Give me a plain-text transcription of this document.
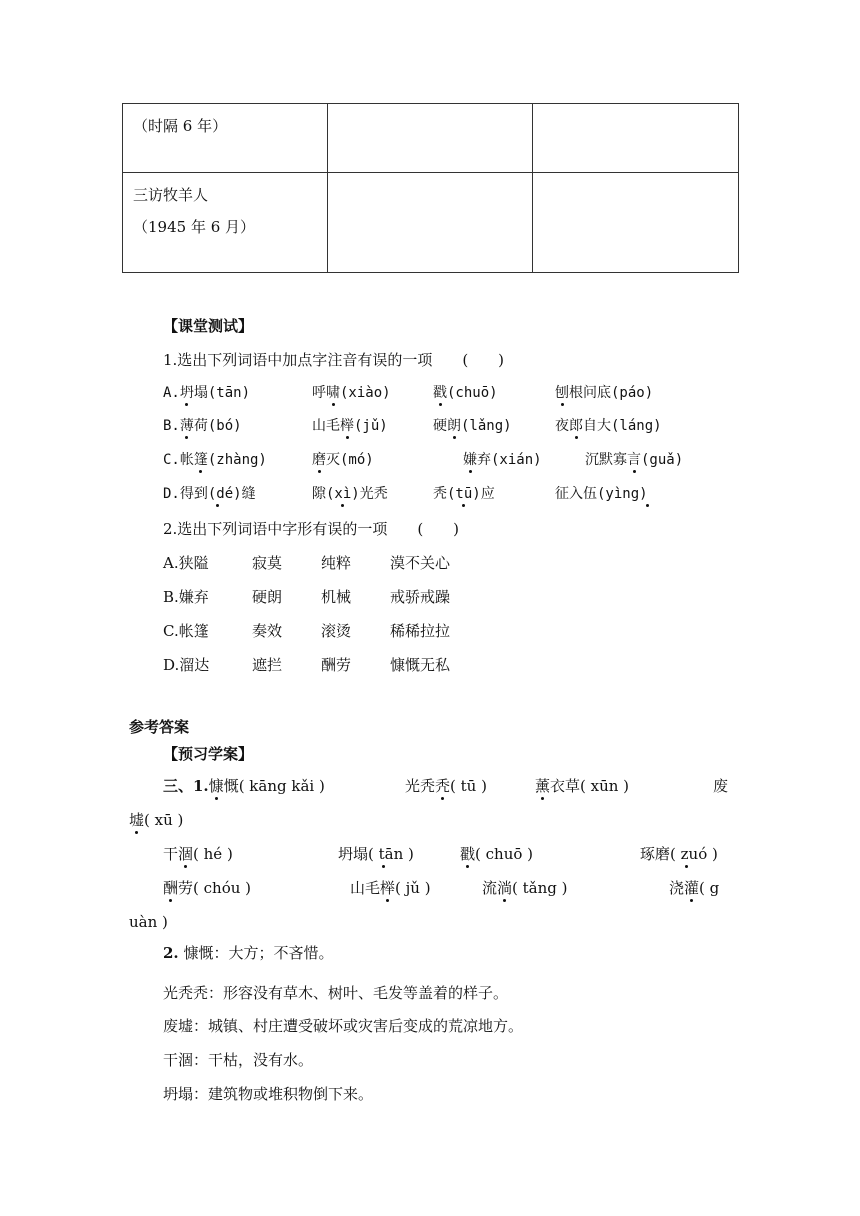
（时隔 6 年）		

三访牧羊人
（1945 年 6 月）		

【课堂测试】
1.选出下列词语中加点字注音有误的一项　　(　　)
A.坍塌(tān)	呼啸(xiào)	戳(chuō)	刨根问底(páo)
B.薄荷(bó)	山毛榉(jǔ)	硬朗(lǎng)	夜郎自大(láng)
C.帐篷(zhàng)	磨灭(mó)	嫌弃(xián)	沉默寡言(guǎ)
D.得到(dé)缝	隙(xì)光秃	秃(tū)应	征入伍(yìng)
2.选出下列词语中字形有误的一项　　(　　)
A.狭隘	寂莫	纯粹	漠不关心
B.嫌弃	硬朗	机械	戒骄戒躁
C.帐篷	奏效	滚烫	稀稀拉拉
D.溜达	遮拦	酬劳	慷慨无私
参考答案
【预习学案】
三、1.慷慨( kāng kǎi )	光秃秃( tū )	薰衣草( xūn )	废
墟( xū )
干涸( hé )	坍塌( tān )	戳( chuō )	琢磨( zuó )
酬劳( chóu )	山毛榉( jǔ )	流淌( tǎng )	浇灌( g
uàn )
2. 慷慨：大方；不吝惜。
光秃秃：形容没有草木、树叶、毛发等盖着的样子。
废墟：城镇、村庄遭受破坏或灾害后变成的荒凉地方。
干涸：干枯，没有水。
坍塌：建筑物或堆积物倒下来。
